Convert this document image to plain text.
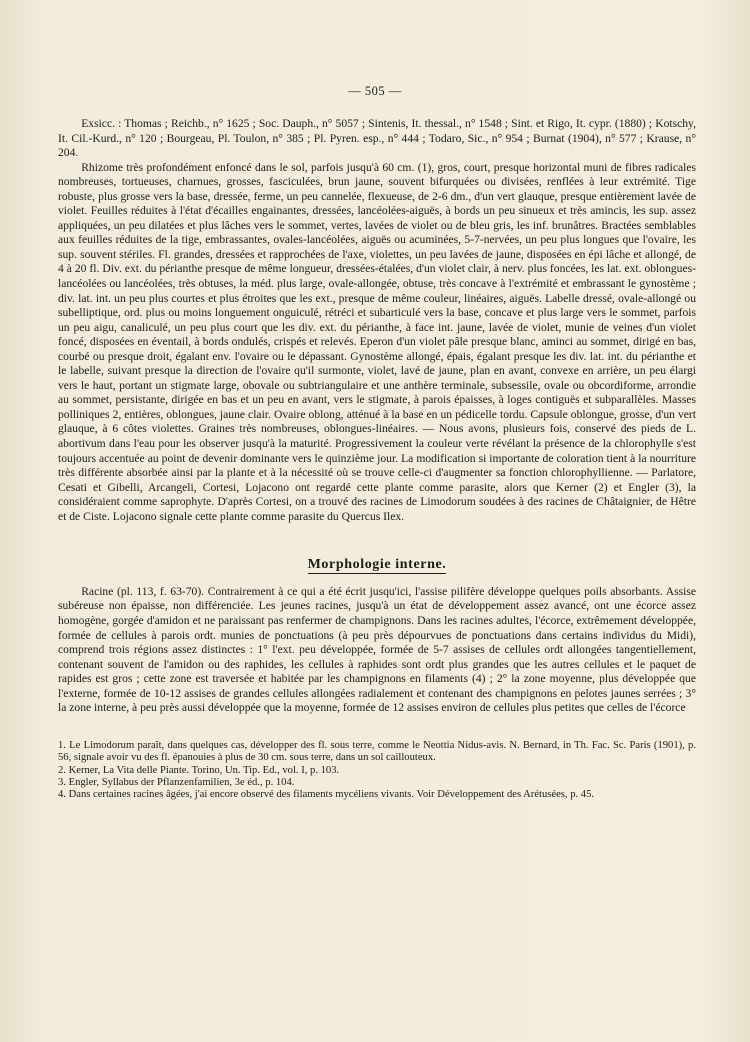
— 505 —

Exsicc. : Thomas ; Reichb., n° 1625 ; Soc. Dauph., n° 5057 ; Sintenis, It. thessal., n° 1548 ; Sint. et Rigo, It. cypr. (1880) ; Kotschy, It. Cil.-Kurd., n° 120 ; Bourgeau, Pl. Toulon, n° 385 ; Pl. Pyren. esp., n° 444 ; Todaro, Sic., n° 954 ; Burnat (1904), n° 577 ; Krause, n° 204.

Rhizome très profondément enfoncé dans le sol, parfois jusqu'à 60 cm. (1), gros, court, presque horizontal muni de fibres radicales nombreuses, tortueuses, charnues, grosses, fasciculées, brun jaune, souvent bifurquées ou divisées, renflées à leur extrémité. Tige robuste, plus grosse vers la base, dressée, ferme, un peu cannelée, flexueuse, de 2-6 dm., d'un vert glauque, presque entièrement lavée de violet. Feuilles réduites à l'état d'écailles engainantes, dressées, lancéolées-aiguës, à bords un peu sinueux et très amincis, les sup. assez appliquées, un peu dilatées et plus lâches vers le sommet, vertes, lavées de violet ou de bleu gris, les inf. brunâtres. Bractées semblables aux feuilles réduites de la tige, embrassantes, ovales-lancéolées, aiguës ou acuminées, 5-7-nervées, un peu plus longues que l'ovaire, les sup. souvent stériles. Fl. grandes, dressées et rapprochées de l'axe, violettes, un peu lavées de jaune, disposées en épi lâche et allongé, de 4 à 20 fl. Div. ext. du périanthe presque de même longueur, dressées-étalées, d'un violet clair, à nerv. plus foncées, les lat. ext. oblongues-lancéolées ou lancéolées, très obtuses, la méd. plus large, ovale-allongée, obtuse, très concave à l'extrémité et embrassant le gynostème ; div. lat. int. un peu plus courtes et plus étroites que les ext., presque de même couleur, linéaires, aiguës. Labelle dressé, ovale-allongé ou subelliptique, ord. plus ou moins longuement onguiculé, rétréci et subarticulé vers la base, concave et plus large vers le sommet, parfois un peu aigu, canaliculé, un peu plus court que les div. ext. du périanthe, à face int. jaune, lavée de violet, munie de veines d'un violet foncé, disposées en éventail, à bords ondulés, crispés et relevés. Eperon d'un violet pâle presque blanc, aminci au sommet, dirigé en bas, courbé ou presque droit, égalant env. l'ovaire ou le dépassant. Gynostème allongé, épais, égalant presque les div. lat. int. du périanthe et le labelle, suivant presque la direction de l'ovaire qu'il surmonte, violet, lavé de jaune, plan en avant, convexe en arrière, un peu élargi vers le haut, portant un stigmate large, obovale ou subtriangulaire et une anthère terminale, subsessile, ovale ou obcordiforme, arrondie au sommet, persistante, dirigée en bas et un peu en avant, vers le stigmate, à parois épaisses, à loges contiguës et subparallèles. Masses polliniques 2, entières, oblongues, jaune clair. Ovaire oblong, atténué à la base en un pédicelle tordu. Capsule oblongue, grosse, d'un vert glauque, à 6 côtes violettes. Graines très nombreuses, oblongues-linéaires. — Nous avons, plusieurs fois, conservé des pieds de L. abortivum dans l'eau pour les observer jusqu'à la maturité. Progressivement la couleur verte révélant la présence de la chlorophylle s'est toujours accentuée au point de devenir dominante vers le quinzième jour. La modification si importante de coloration tient à la nourriture très différente absorbée ainsi par la plante et à la nécessité où se trouve celle-ci d'augmenter sa fonction chlorophyllienne. — Parlatore, Cesati et Gibelli, Arcangeli, Cortesi, Lojacono ont regardé cette plante comme parasite, alors que Kerner (2) et Engler (3), la considéraient comme saprophyte. D'après Cortesi, on a trouvé des racines de Limodorum soudées à des racines de Châtaignier, de Hêtre et de Ciste. Lojacono signale cette plante comme parasite du Quercus Ilex.

Morphologie interne.

Racine (pl. 113, f. 63-70). Contrairement à ce qui a été écrit jusqu'ici, l'assise pilifère développe quelques poils absorbants. Assise subéreuse non épaisse, non différenciée. Les jeunes racines, jusqu'à un état de développement assez avancé, ont une écorce assez homogène, gorgée d'amidon et ne paraissant pas renfermer de champignons. Dans les racines adultes, l'écorce, extrêmement développée, formée de cellules à parois ordt. munies de ponctuations (à peu près dépourvues de ponctuations dans certains individus du Midi), comprend trois régions assez distinctes : 1° l'ext. peu développée, formée de 5-7 assises de cellules ordt allongées tangentiellement, contenant souvent de l'amidon ou des raphides, les cellules à raphides sont ordt plus grandes que les autres cellules et le paquet de rapides est gros ; cette zone est traversée et habitée par les champignons en filaments (4) ; 2° la zone moyenne, plus développée que l'externe, formée de 10-12 assises de grandes cellules allongées radialement et contenant des champignons en pelotes jaunes serrées ; 3° la zone interne, à peu près aussi développée que la moyenne, formée de 12 assises environ de cellules plus petites que celles de l'écorce

1. Le Limodorum paraît, dans quelques cas, développer des fl. sous terre, comme le Neottia Nidus-avis. N. Bernard, in Th. Fac. Sc. Paris (1901), p. 56, signale avoir vu des fl. épanouies à plus de 30 cm. sous terre, dans un sol caillouteux.

2. Kerner, La Vita delle Piante. Torino, Un. Tip. Ed., vol. I, p. 103.

3. Engler, Syllabus der Pflanzenfamilien, 3e éd., p. 104.

4. Dans certaines racines âgées, j'ai encore observé des filaments mycéliens vivants. Voir Développement des Arétusées, p. 45.
